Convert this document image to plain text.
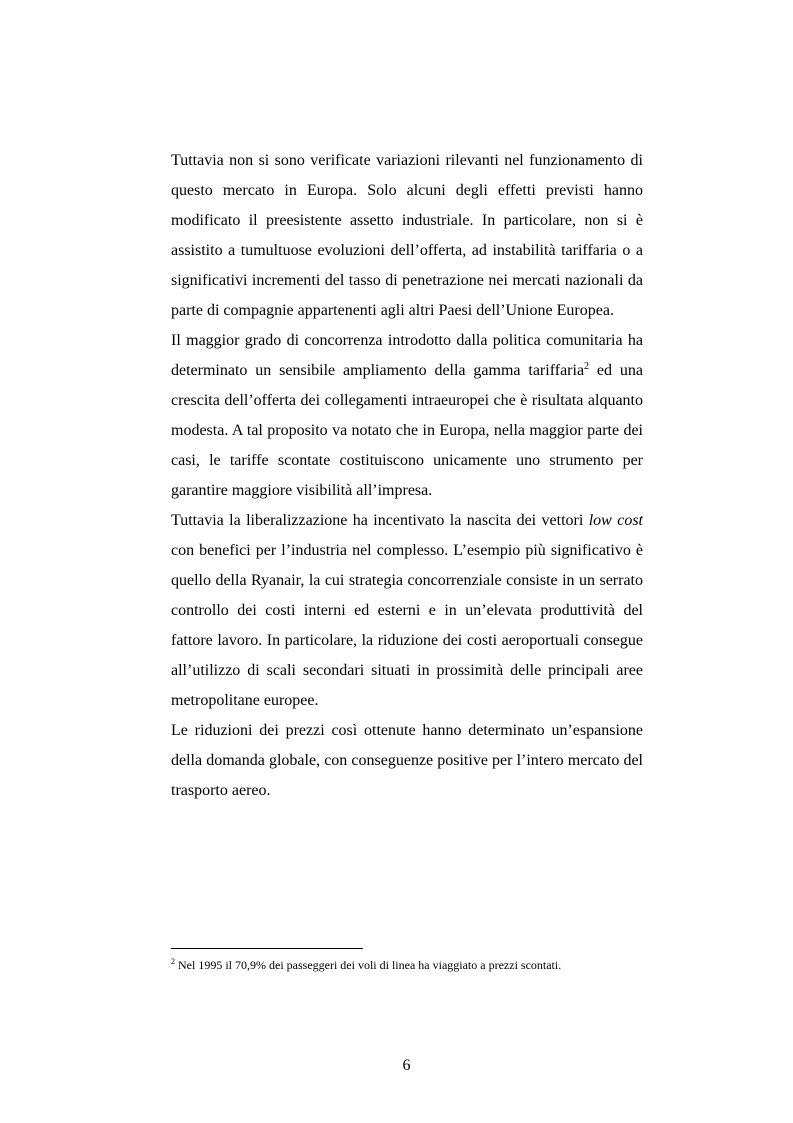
Tuttavia non si sono verificate variazioni rilevanti nel funzionamento di questo mercato in Europa. Solo alcuni degli effetti previsti hanno modificato il preesistente assetto industriale. In particolare, non si è assistito a tumultuose evoluzioni dell’offerta, ad instabilità tariffaria o a significativi incrementi del tasso di penetrazione nei mercati nazionali da parte di compagnie appartenenti agli altri Paesi dell’Unione Europea.

Il maggior grado di concorrenza introdotto dalla politica comunitaria ha determinato un sensibile ampliamento della gamma tariffaria$^2$ ed una crescita dell’offerta dei collegamenti intraeuropei che è risultata alquanto modesta. A tal proposito va notato che in Europa, nella maggior parte dei casi, le tariffe scontate costituiscono unicamente uno strumento per garantire maggiore visibilità all’impresa.

Tuttavia la liberalizzazione ha incentivato la nascita dei vettori low cost con benefici per l’industria nel complesso. L’esempio più significativo è quello della Ryanair, la cui strategia concorrenziale consiste in un serrato controllo dei costi interni ed esterni e in un’elevata produttività del fattore lavoro. In particolare, la riduzione dei costi aeroportuali consegue all’utilizzo di scali secondari situati in prossimità delle principali aree metropolitane europee.

Le riduzioni dei prezzi così ottenute hanno determinato un’espansione della domanda globale, con conseguenze positive per l’intero mercato del trasporto aereo.

$^2$ Nel 1995 il 70,9% dei passeggeri dei voli di linea ha viaggiato a prezzi scontati.
6
